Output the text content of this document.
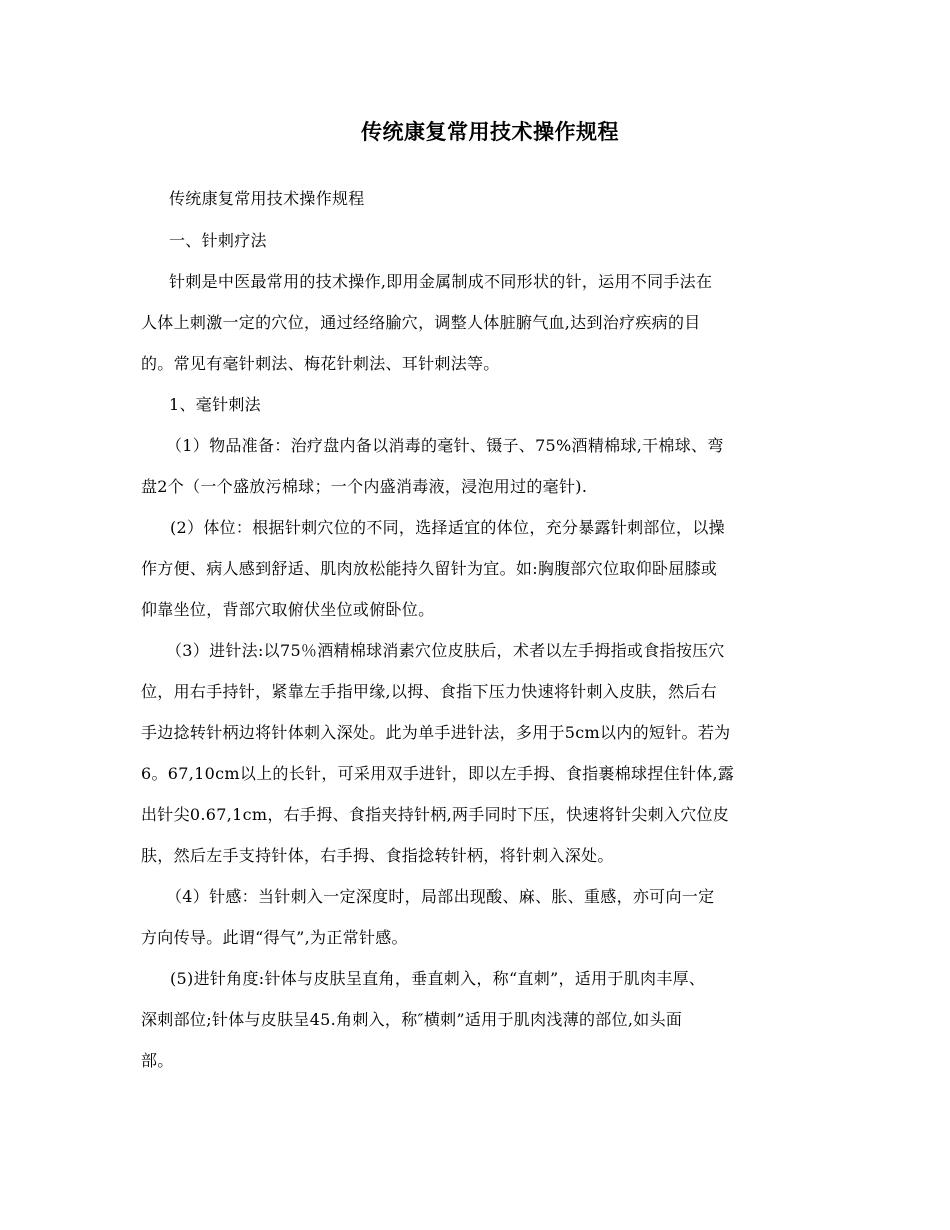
传统康复常用技术操作规程
传统康复常用技术操作规程
一、针刺疗法
针刺是中医最常用的技术操作,即用金属制成不同形状的针，运用不同手法在
人体上刺激一定的穴位，通过经络腧穴，调整人体脏腑气血,达到治疗疾病的目
的。常见有毫针刺法、梅花针刺法、耳针刺法等。
1、毫针刺法
（1）物品准备：治疗盘内备以消毒的毫针、镊子、75%酒精棉球,干棉球、弯
盘2个（一个盛放污棉球；一个内盛消毒液，浸泡用过的毫针).
(2）体位：根据针刺穴位的不同，选择适宜的体位，充分暴露针刺部位，以操
作方便、病人感到舒适、肌肉放松能持久留针为宜。如:胸腹部穴位取仰卧屈膝或
仰靠坐位，背部穴取俯伏坐位或俯卧位。
（3）进针法:以75％酒精棉球消素穴位皮肤后，术者以左手拇指或食指按压穴
位，用右手持针，紧靠左手指甲缘,以拇、食指下压力快速将针刺入皮肤，然后右
手边捻转针柄边将针体刺入深处。此为单手进针法，多用于5cm以内的短针。若为
6。67,10cm以上的长针，可采用双手进针，即以左手拇、食指裹棉球捏住针体,露
出针尖0.67,1cm，右手拇、食指夹持针柄,两手同时下压，快速将针尖刺入穴位皮
肤，然后左手支持针体，右手拇、食指捻转针柄，将针刺入深处。
（4）针感：当针刺入一定深度时，局部出现酸、麻、胀、重感，亦可向一定
方向传导。此谓“得气”,为正常针感。
(5)进针角度:针体与皮肤呈直角，垂直刺入，称“直刺”，适用于肌肉丰厚、
深刺部位;针体与皮肤呈45.角刺入，称″横刺”适用于肌肉浅薄的部位,如头面
部。
